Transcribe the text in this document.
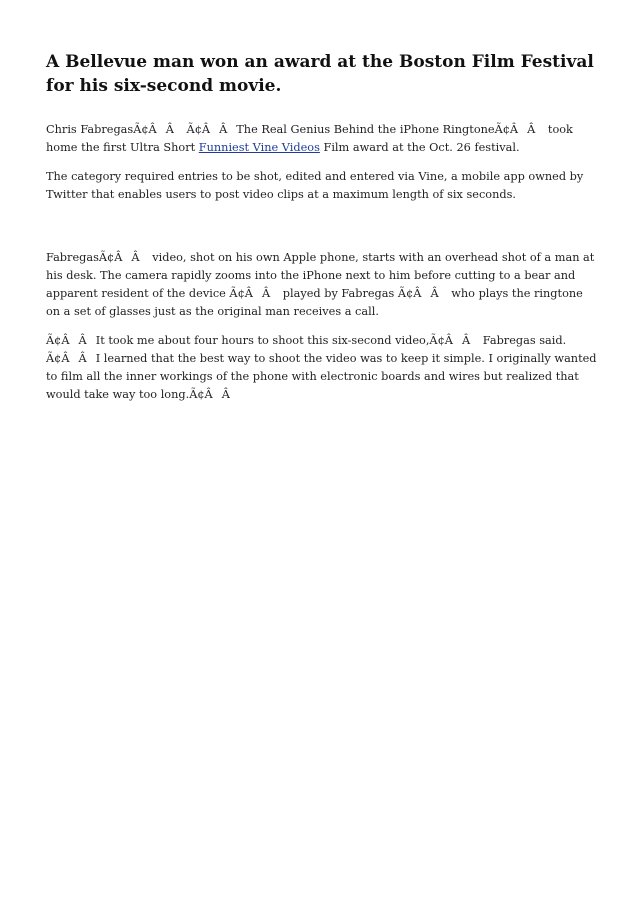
A Bellevue man won an award at the Boston Film Festival for his six-second movie.

Chris FabregasÃ¢ÂÂ Ã¢ÂÂThe Real Genius Behind the iPhone RingtoneÃ¢ÂÂ took home the first Ultra Short Funniest Vine Videos Film award at the Oct. 26 festival.

The category required entries to be shot, edited and entered via Vine, a mobile app owned by Twitter that enables users to post video clips at a maximum length of six seconds.

FabregasÃ¢ÂÂ video, shot on his own Apple phone, starts with an overhead shot of a man at his desk. The camera rapidly zooms into the iPhone next to him before cutting to a bear and apparent resident of the device Ã¢ÂÂ played by Fabregas Ã¢ÂÂ who plays the ringtone on a set of glasses just as the original man receives a call.

Ã¢ÂÂIt took me about four hours to shoot this six-second video,Ã¢ÂÂ Fabregas said. Ã¢ÂÂI learned that the best way to shoot the video was to keep it simple. I originally wanted to film all the inner workings of the phone with electronic boards and wires but realized that would take way too long.Ã¢ÂÂ
